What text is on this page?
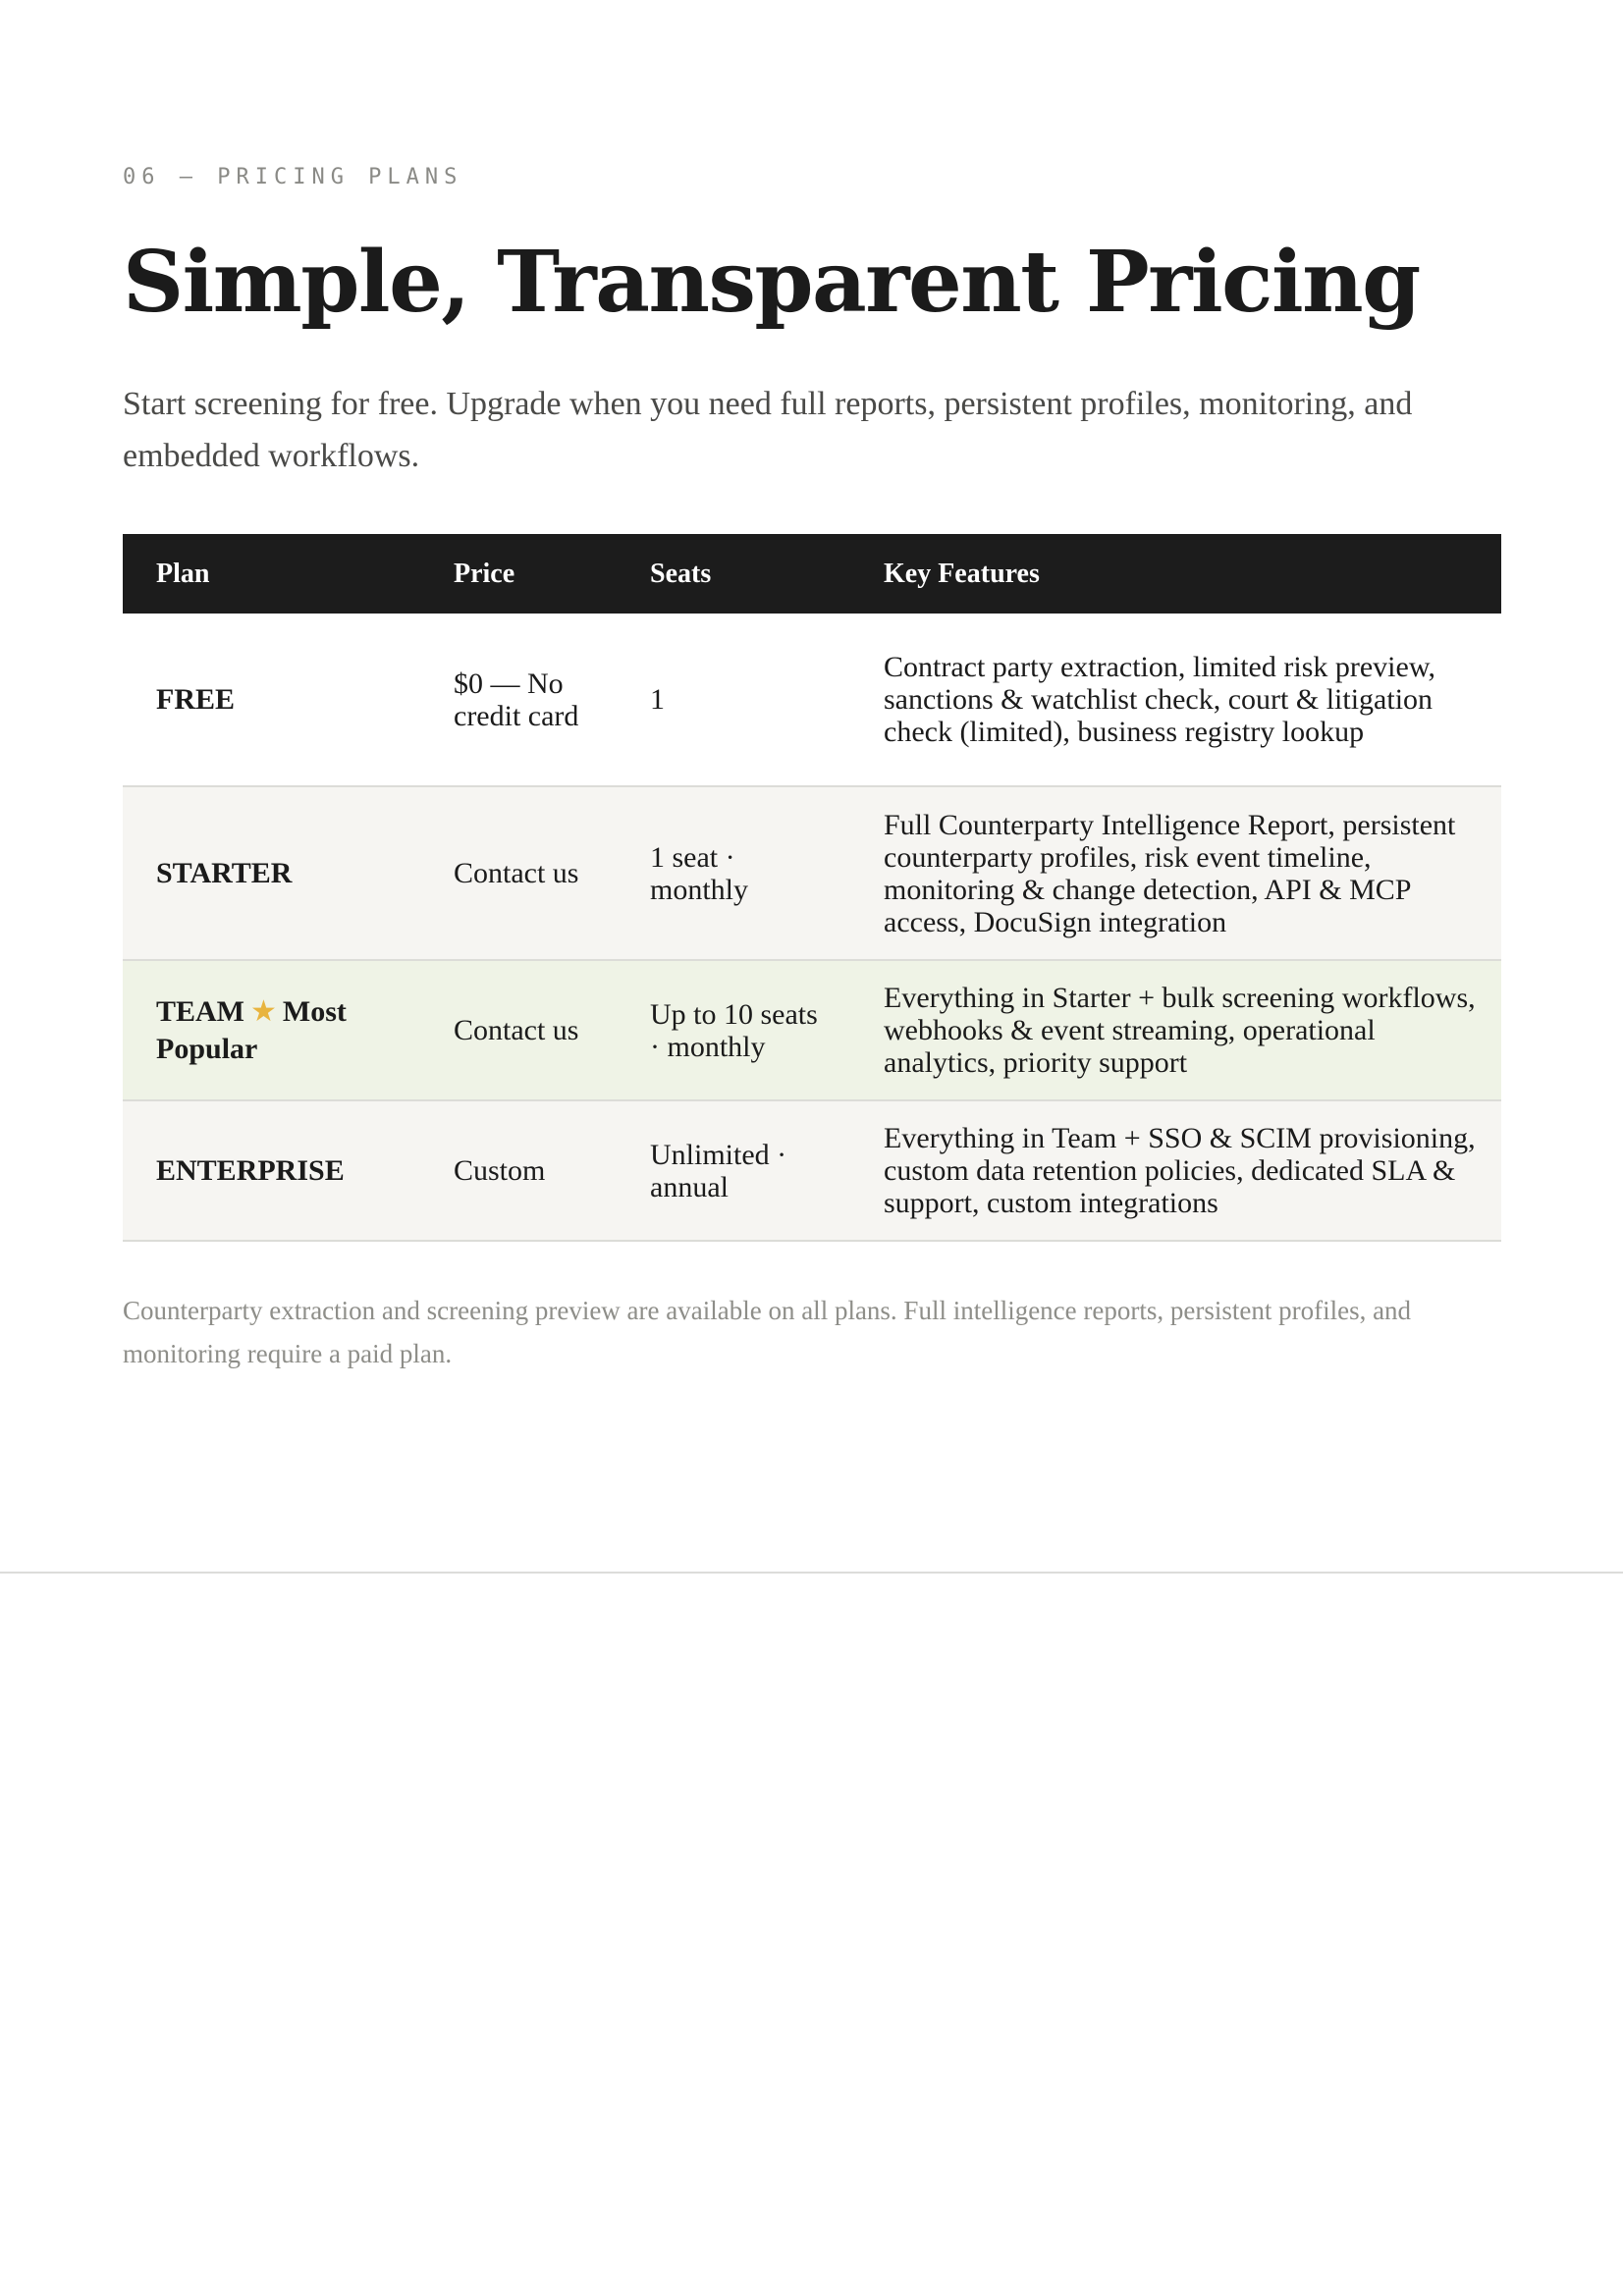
06 — PRICING PLANS
Simple, Transparent Pricing

Start screening for free. Upgrade when you need full reports, persistent profiles, monitoring, and embedded workflows.

Plan	Price	Seats	Key Features
FREE	$0 — No credit card	1	Contract party extraction, limited risk preview, sanctions & watchlist check, court & litigation check (limited), business registry lookup
STARTER	Contact us	1 seat · monthly	Full Counterparty Intelligence Report, persistent counterparty profiles, risk event timeline, monitoring & change detection, API & MCP access, DocuSign integration
TEAM ★ Most Popular	Contact us	Up to 10 seats · monthly	Everything in Starter + bulk screening workflows, webhooks & event streaming, operational analytics, priority support
ENTERPRISE	Custom	Unlimited · annual	Everything in Team + SSO & SCIM provisioning, custom data retention policies, dedicated SLA & support, custom integrations

Counterparty extraction and screening preview are available on all plans. Full intelligence reports, persistent profiles, and monitoring require a paid plan.
